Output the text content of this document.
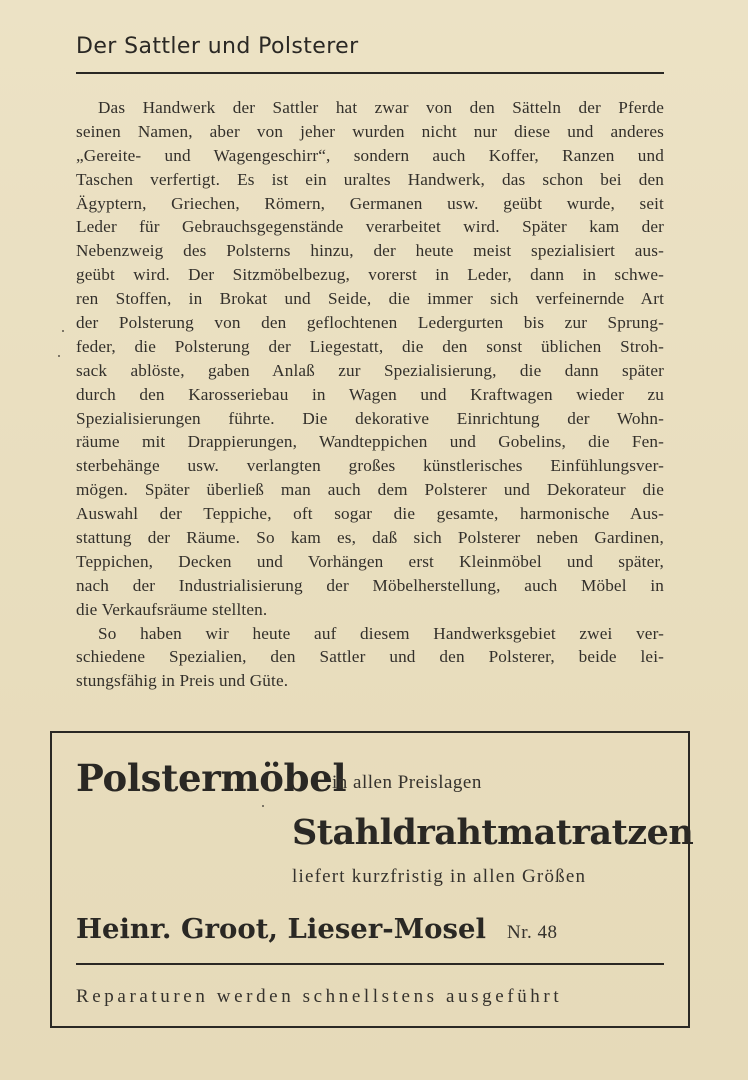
Der Sattler und Polsterer
Das Handwerk der Sattler hat zwar von den Sätteln der Pferde
seinen Namen, aber von jeher wurden nicht nur diese und anderes
„Gereite- und Wagengeschirr“, sondern auch Koffer, Ranzen und
Taschen verfertigt. Es ist ein uraltes Handwerk, das schon bei den
Ägyptern, Griechen, Römern, Germanen usw. geübt wurde, seit
Leder für Gebrauchsgegenstände verarbeitet wird. Später kam der
Nebenzweig des Polsterns hinzu, der heute meist spezialisiert aus-
geübt wird. Der Sitzmöbelbezug, vorerst in Leder, dann in schwe-
ren Stoffen, in Brokat und Seide, die immer sich verfeinernde Art
der Polsterung von den geflochtenen Ledergurten bis zur Sprung-
feder, die Polsterung der Liegestatt, die den sonst üblichen Stroh-
sack ablöste, gaben Anlaß zur Spezialisierung, die dann später
durch den Karosseriebau in Wagen und Kraftwagen wieder zu
Spezialisierungen führte. Die dekorative Einrichtung der Wohn-
räume mit Drappierungen, Wandteppichen und Gobelins, die Fen-
sterbehänge usw. verlangten großes künstlerisches Einfühlungsver-
mögen. Später überließ man auch dem Polsterer und Dekorateur die
Auswahl der Teppiche, oft sogar die gesamte, harmonische Aus-
stattung der Räume. So kam es, daß sich Polsterer neben Gardinen,
Teppichen, Decken und Vorhängen erst Kleinmöbel und später,
nach der Industrialisierung der Möbelherstellung, auch Möbel in
die Verkaufsräume stellten.
So haben wir heute auf diesem Handwerksgebiet zwei ver-
schiedene Spezialien, den Sattler und den Polsterer, beide lei-
stungsfähig in Preis und Güte.
Polstermöbel
in allen Preislagen
Stahldrahtmatratzen
liefert kurzfristig in allen Größen
Heinr. Groot, Lieser-Mosel Nr. 48
Reparaturen werden schnellstens ausgeführt
